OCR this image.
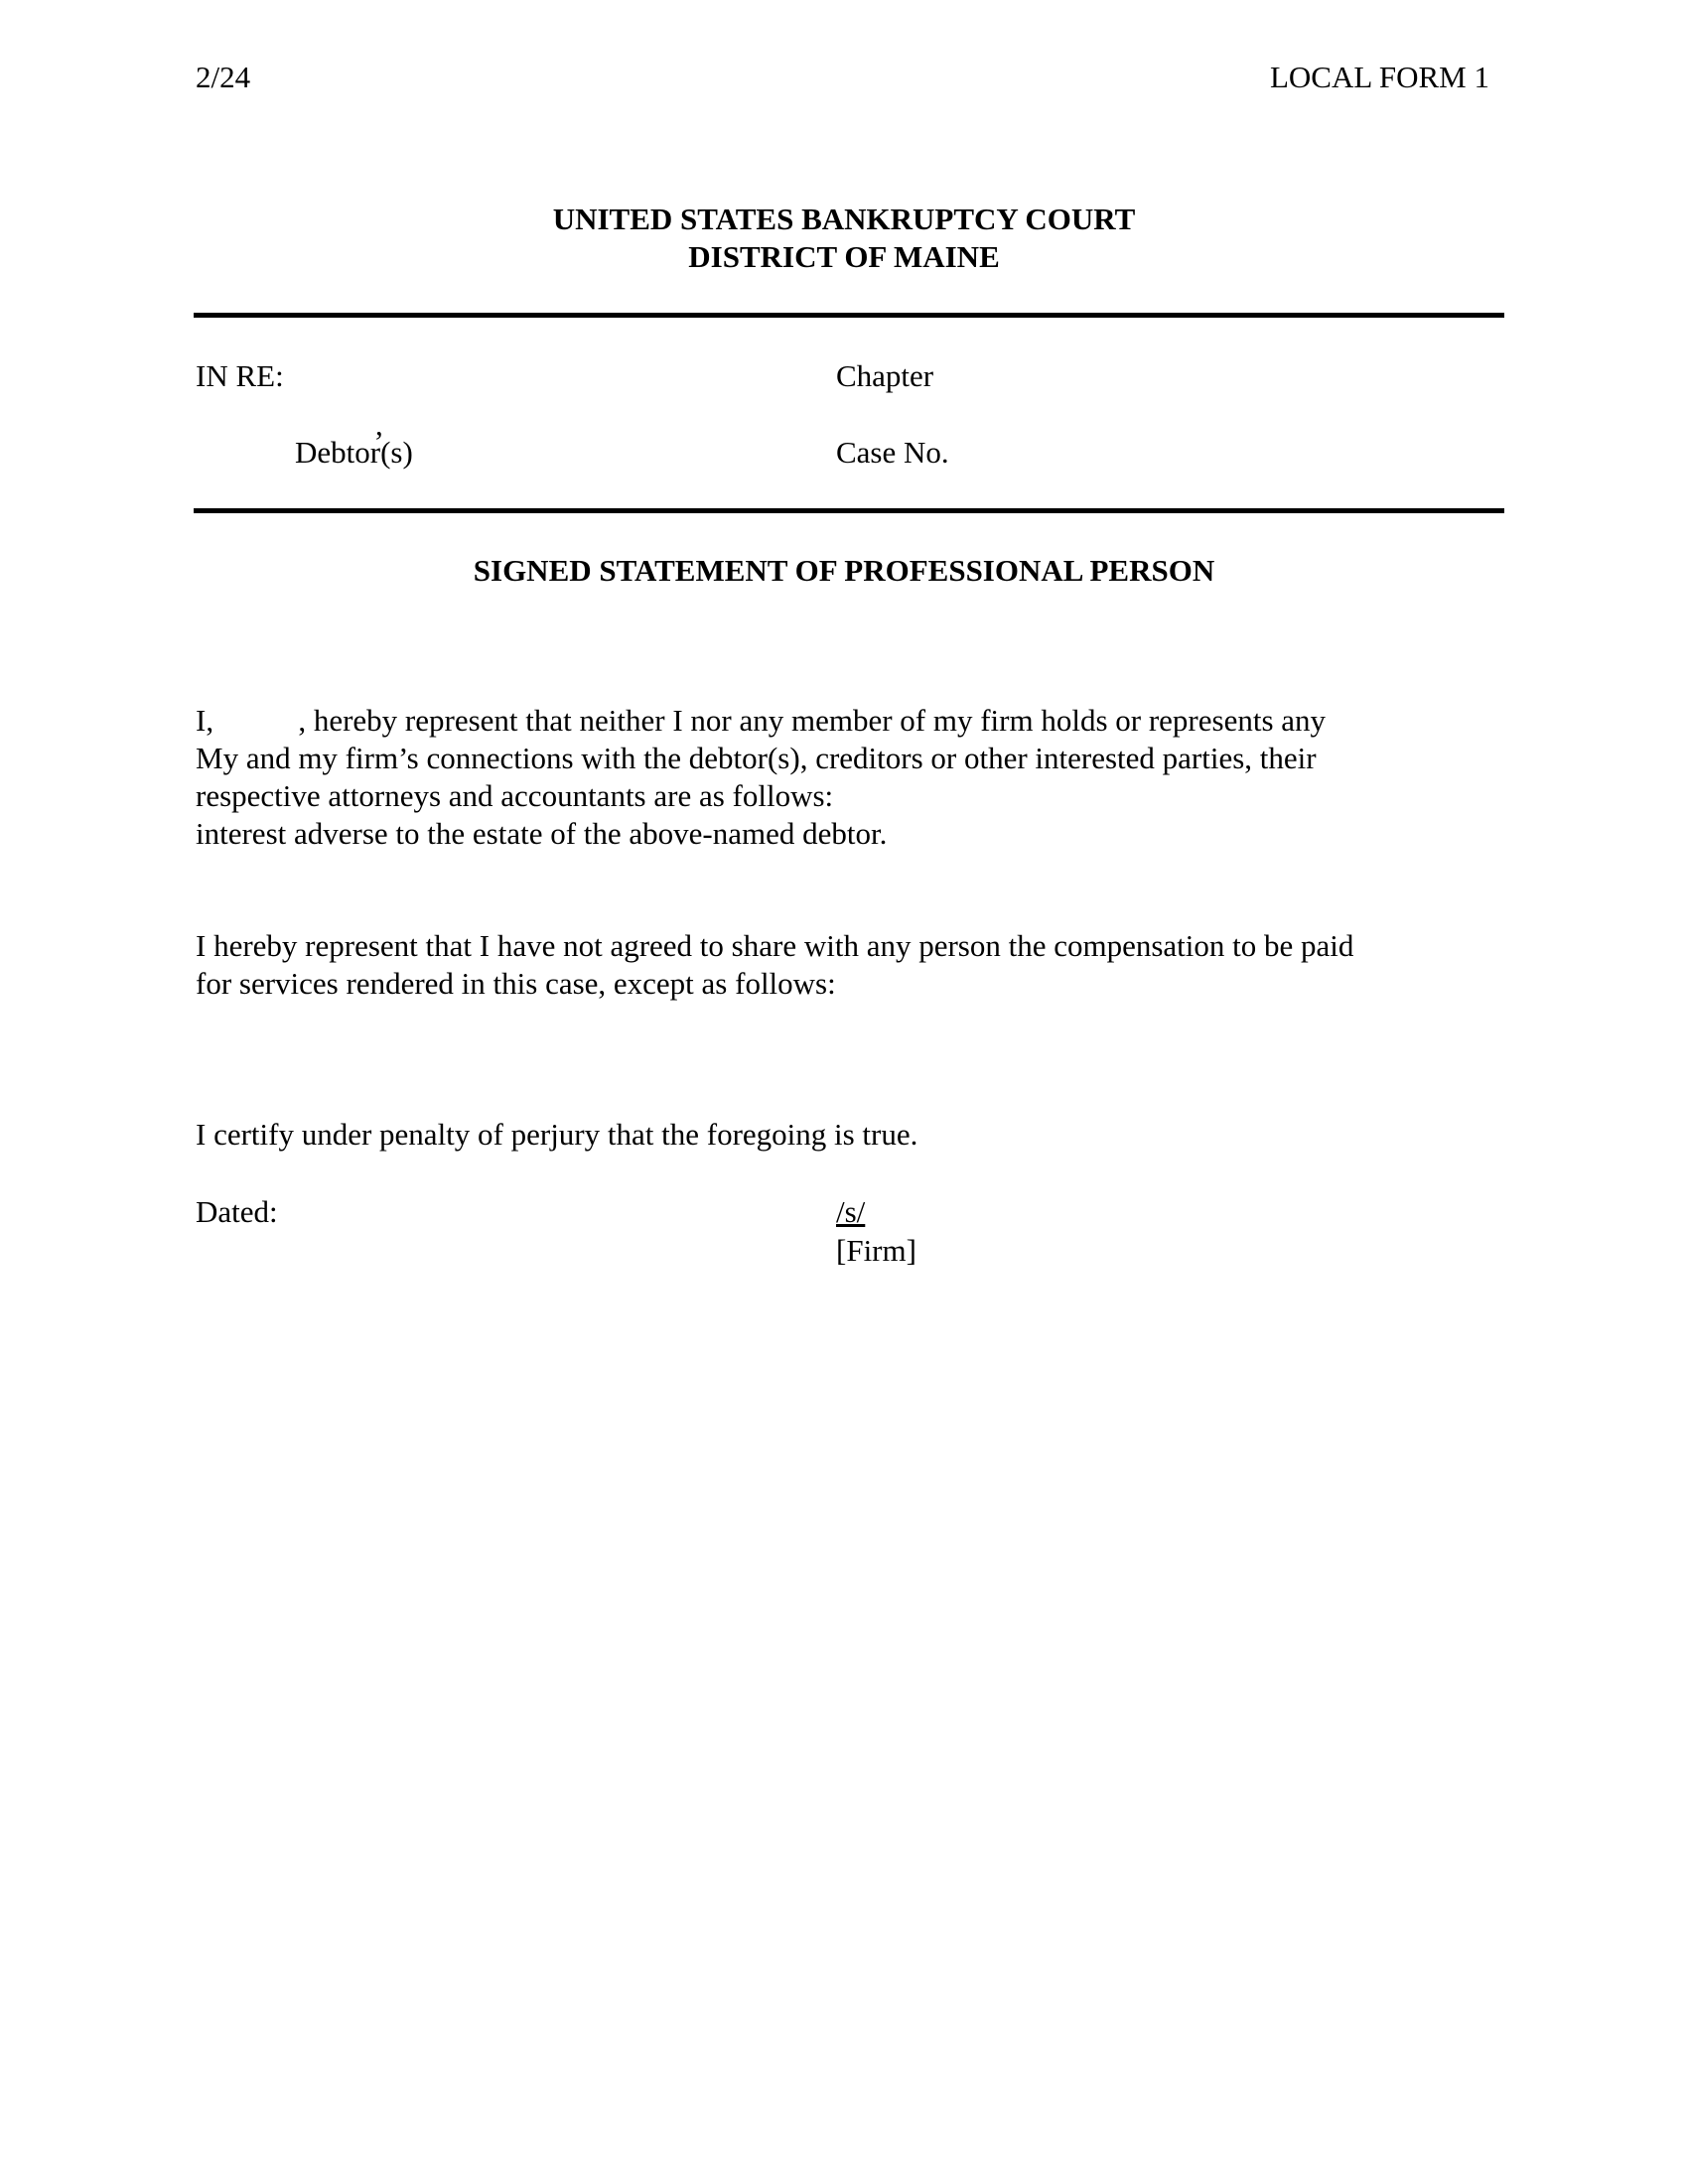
2/24	LOCAL FORM 1
UNITED STATES BANKRUPTCY COURT
DISTRICT OF MAINE
IN RE:	Chapter
,
Debtor(s)	Case No.
SIGNED STATEMENT OF PROFESSIONAL PERSON

I,           , hereby represent that neither I nor any member of my firm holds or represents any

interest adverse to the estate of the above-named debtor.

My and my firm’s connections with the debtor(s), creditors or other interested parties, their
respective attorneys and accountants are as follows:
I hereby represent that I have not agreed to share with any person the compensation to be paid
for services rendered in this case, except as follows:
I certify under penalty of perjury that the foregoing is true.
Dated:	/s/
[Firm]
